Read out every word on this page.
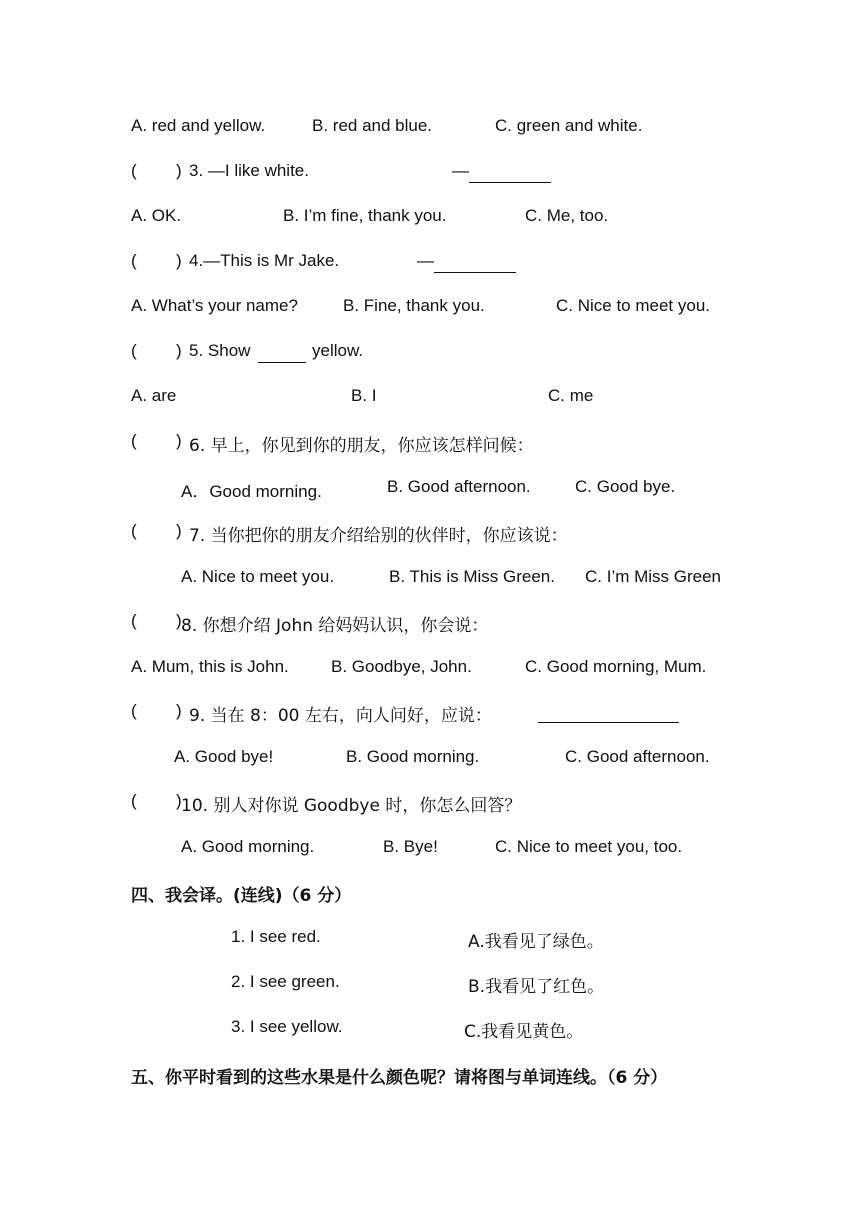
A. red and yellow.	B. red and blue.	C. green and white.
( ) 3. —I like white.	—
A. OK.	B. I’m fine, thank you.	C. Me, too.
( ) 4.—This is Mr Jake.	—
A. What’s your name?	B. Fine, thank you.	C. Nice to meet you.
( ) 5. Show	yellow.
A. are	B. I	C. me
( ) 6. 早上，你见到你的朋友，你应该怎样问候：
A．Good morning.	B. Good afternoon.	C. Good bye.
( ) 7. 当你把你的朋友介绍给别的伙伴时，你应该说：
A. Nice to meet you.	B. This is Miss Green. C. I’m Miss Green
( ) 8. 你想介绍 John 给妈妈认识，你会说：
A. Mum, this is John. B. Goodbye, John.	C. Good morning, Mum.
( ) 9. 当在 8：00 左右，向人问好，应说：
A. Good bye!	B. Good morning.	C. Good afternoon.
( ) 10. 别人对你说 Goodbye 时，你怎么回答？
A. Good morning.	B. Bye!	C. Nice to meet you, too.
四、我会译。(连线)（6 分）
1. I see red.
2. I see green.
3. I see yellow.
A.我看见了绿色。
B.我看见了红色。
C.我看见黄色。
五、你平时看到的这些水果是什么颜色呢？请将图与单词连线。（6 分）
